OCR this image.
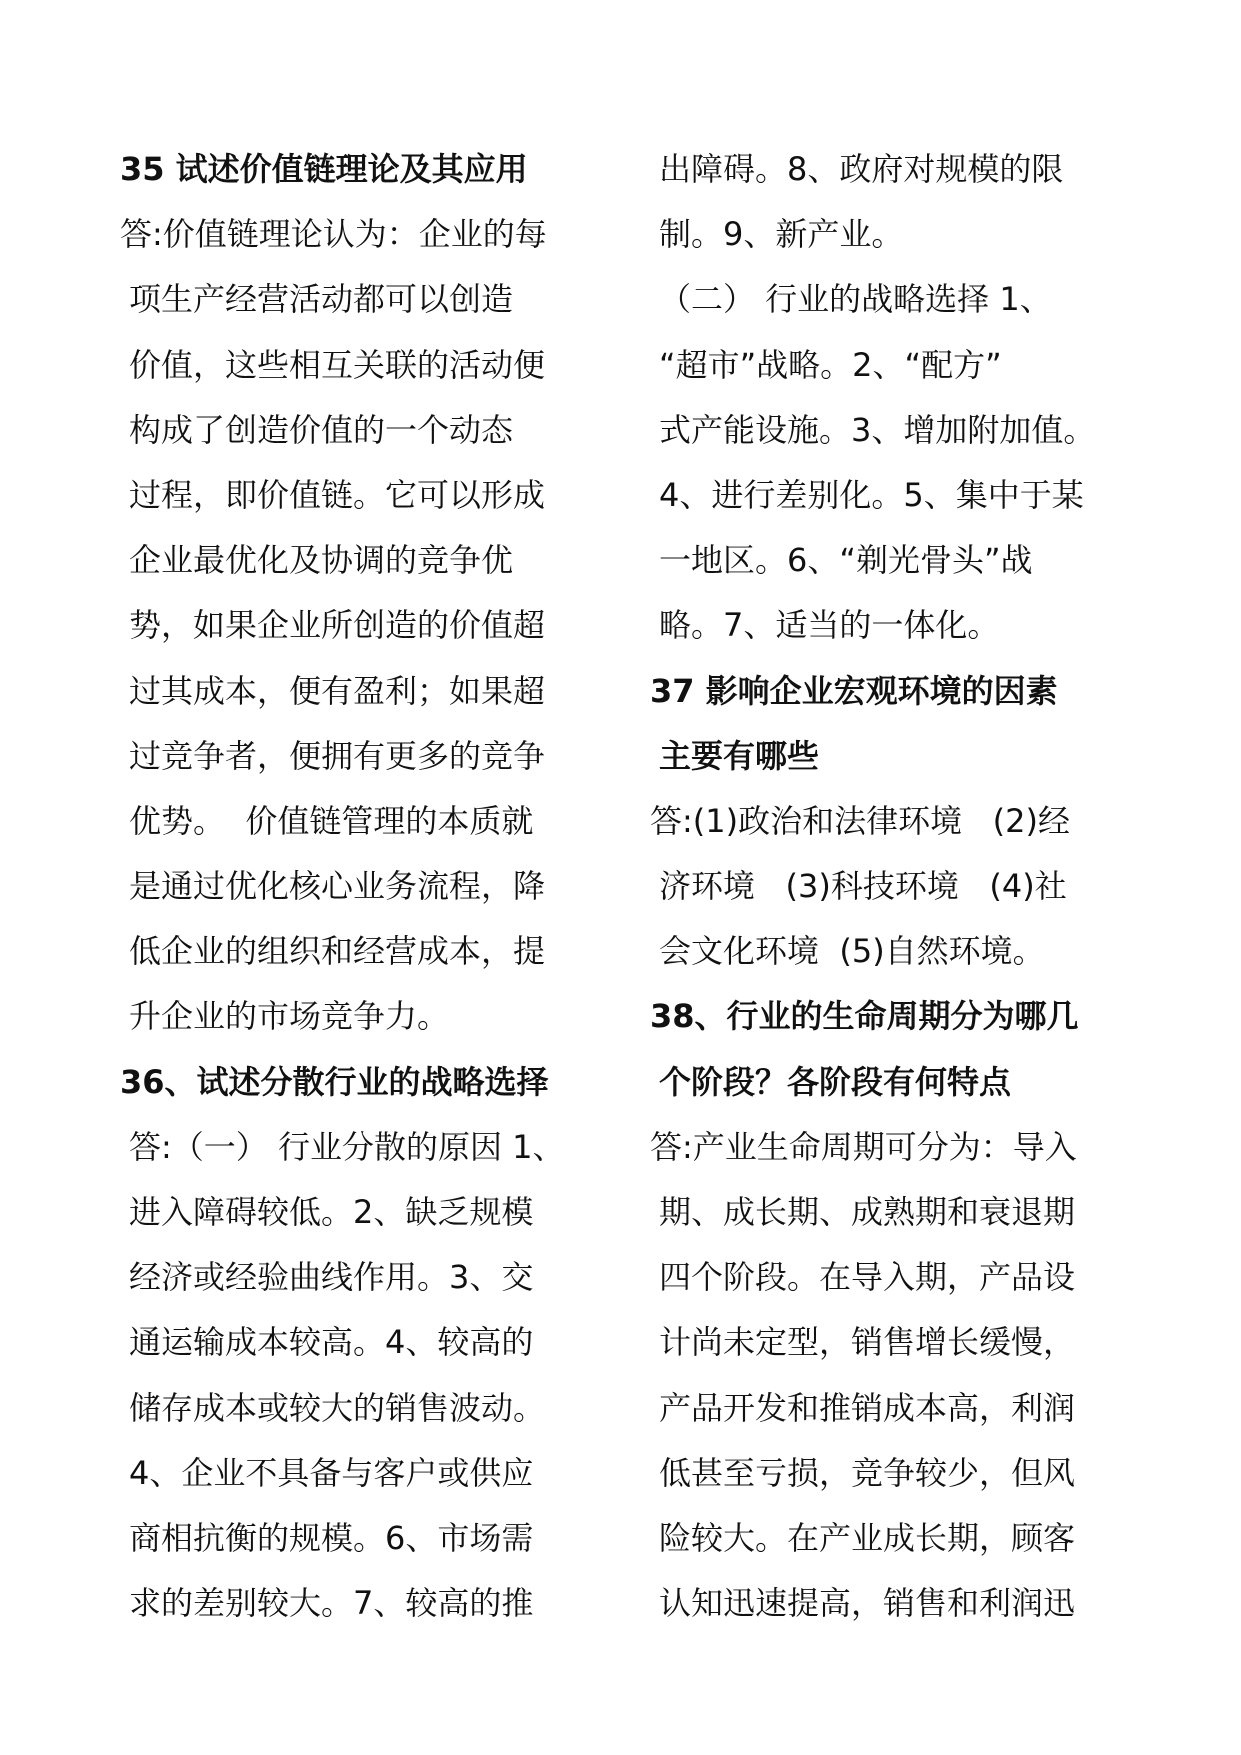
35 试述价值链理论及其应用
答:价值链理论认为：企业的每
项生产经营活动都可以创造
价值，这些相互关联的活动便
构成了创造价值的一个动态
过程，即价值链。它可以形成
企业最优化及协调的竞争优
势，如果企业所创造的价值超
过其成本，便有盈利；如果超
过竞争者，便拥有更多的竞争
优势。  价值链管理的本质就
是通过优化核心业务流程，降
低企业的组织和经营成本，提
升企业的市场竞争力。
36、试述分散行业的战略选择
答:（一） 行业分散的原因 1、
进入障碍较低。2、缺乏规模
经济或经验曲线作用。3、交
通运输成本较高。4、较高的
储存成本或较大的销售波动。
4、企业不具备与客户或供应
商相抗衡的规模。6、市场需
求的差别较大。7、较高的推
出障碍。8、政府对规模的限
制。9、新产业。
（二） 行业的战略选择 1、
“超市”战略。2、“配方”
式产能设施。3、增加附加值。
4、进行差别化。5、集中于某
一地区。6、“剃光骨头”战
略。7、适当的一体化。
37 影响企业宏观环境的因素
主要有哪些
答:(1)政治和法律环境   (2)经
济环境   (3)科技环境   (4)社
会文化环境  (5)自然环境。
38、行业的生命周期分为哪几
个阶段？各阶段有何特点
答:产业生命周期可分为：导入
期、成长期、成熟期和衰退期
四个阶段。在导入期，产品设
计尚未定型，销售增长缓慢，
产品开发和推销成本高，利润
低甚至亏损，竞争较少，但风
险较大。在产业成长期，顾客
认知迅速提高，销售和利润迅
